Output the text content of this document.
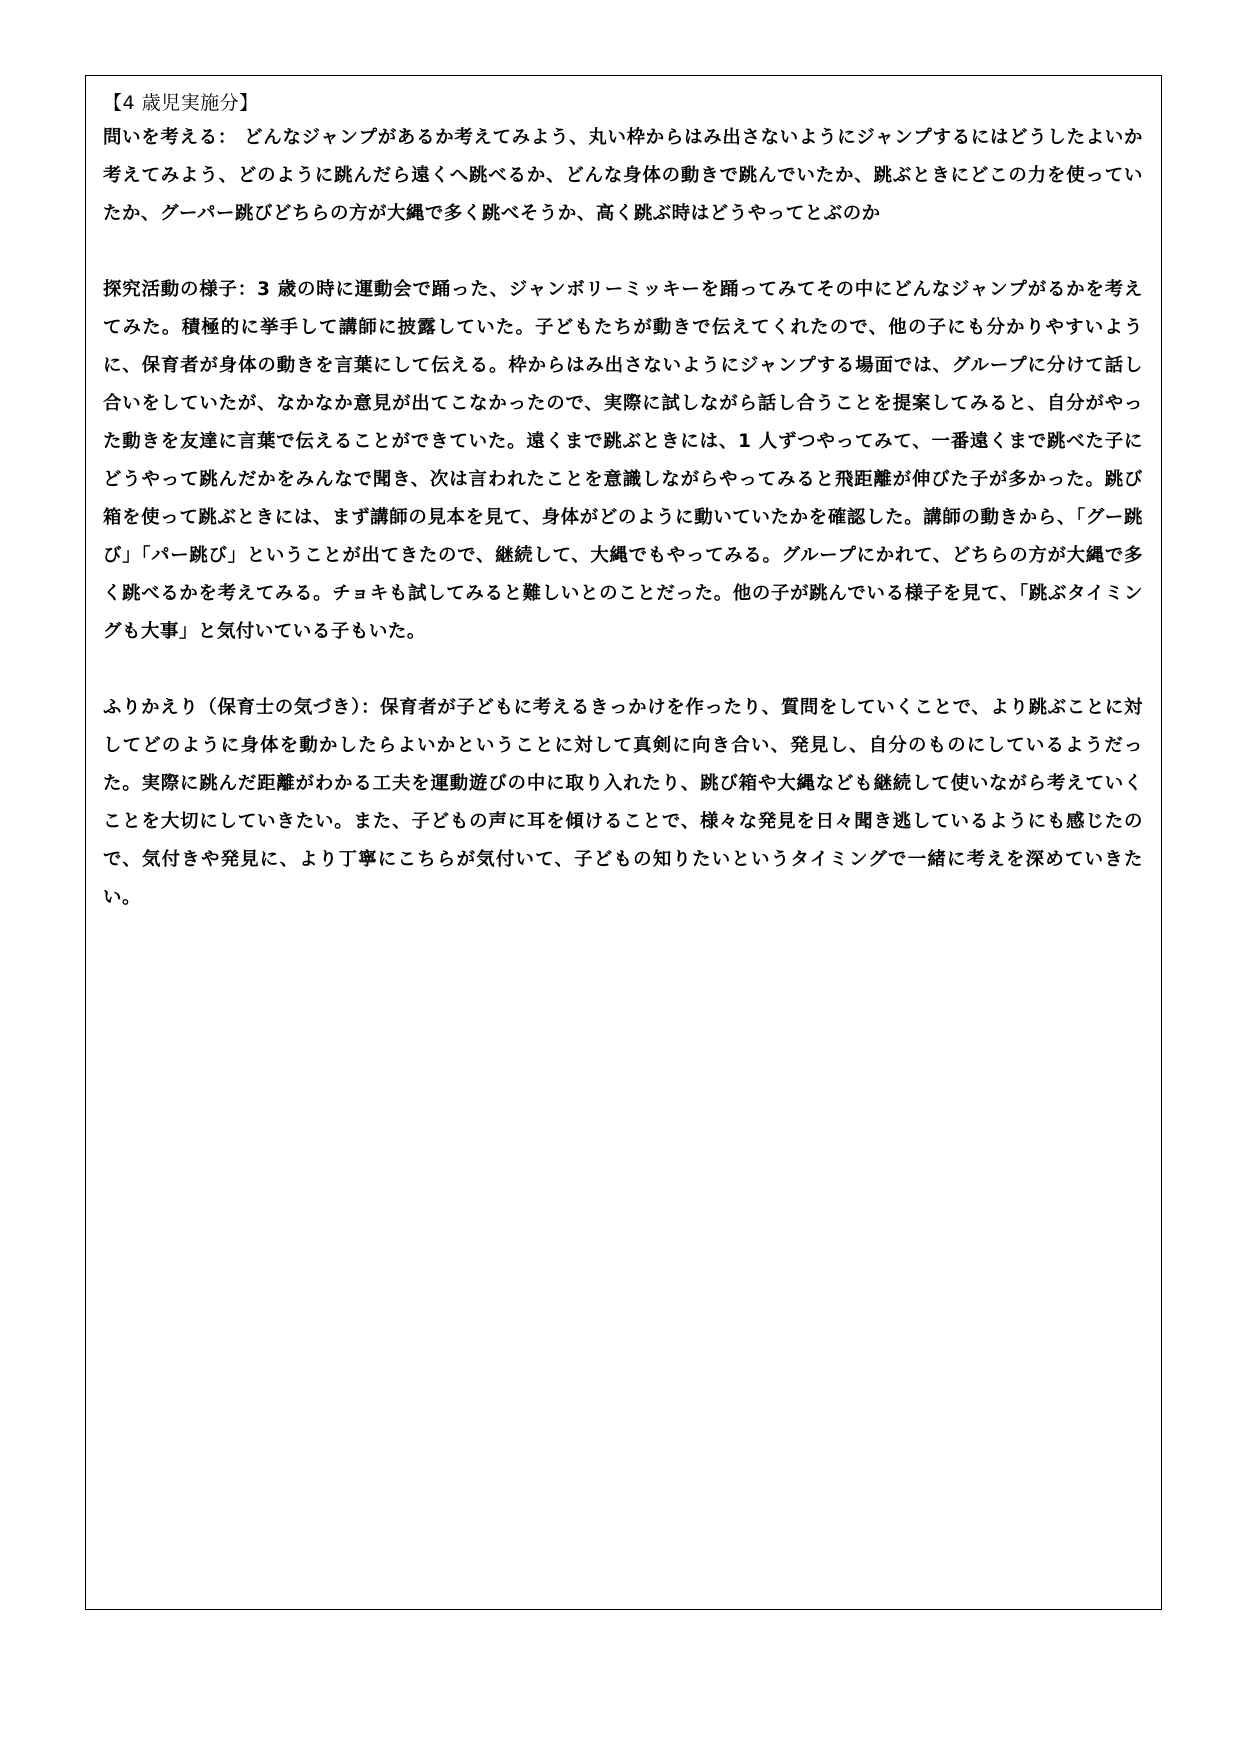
【4 歳児実施分】

問いを考える： どんなジャンプがあるか考えてみよう、丸い枠からはみ出さないようにジャンプするにはどうしたよいか考えてみよう、どのように跳んだら遠くへ跳べるか、どんな身体の動きで跳んでいたか、跳ぶときにどこの力を使っていたか、グーパー跳びどちらの方が大縄で多く跳べそうか、高く跳ぶ時はどうやってとぶのか

探究活動の様子：3 歳の時に運動会で踊った、ジャンボリーミッキーを踊ってみてその中にどんなジャンプがるかを考えてみた。積極的に挙手して講師に披露していた。子どもたちが動きで伝えてくれたので、他の子にも分かりやすいように、保育者が身体の動きを言葉にして伝える。枠からはみ出さないようにジャンプする場面では、グループに分けて話し合いをしていたが、なかなか意見が出てこなかったので、実際に試しながら話し合うことを提案してみると、自分がやった動きを友達に言葉で伝えることができていた。遠くまで跳ぶときには、1 人ずつやってみて、一番遠くまで跳べた子にどうやって跳んだかをみんなで聞き、次は言われたことを意識しながらやってみると飛距離が伸びた子が多かった。跳び箱を使って跳ぶときには、まず講師の見本を見て、身体がどのように動いていたかを確認した。講師の動きから、「グー跳び」「パー跳び」ということが出てきたので、継続して、大縄でもやってみる。グループにかれて、どちらの方が大縄で多く跳べるかを考えてみる。チョキも試してみると難しいとのことだった。他の子が跳んでいる様子を見て、「跳ぶタイミングも大事」と気付いている子もいた。

ふりかえり（保育士の気づき）：保育者が子どもに考えるきっかけを作ったり、質問をしていくことで、より跳ぶことに対してどのように身体を動かしたらよいかということに対して真剣に向き合い、発見し、自分のものにしているようだった。実際に跳んだ距離がわかる工夫を運動遊びの中に取り入れたり、跳び箱や大縄なども継続して使いながら考えていくことを大切にしていきたい。また、子どもの声に耳を傾けることで、様々な発見を日々聞き逃しているようにも感じたので、気付きや発見に、より丁寧にこちらが気付いて、子どもの知りたいというタイミングで一緒に考えを深めていきたい。
